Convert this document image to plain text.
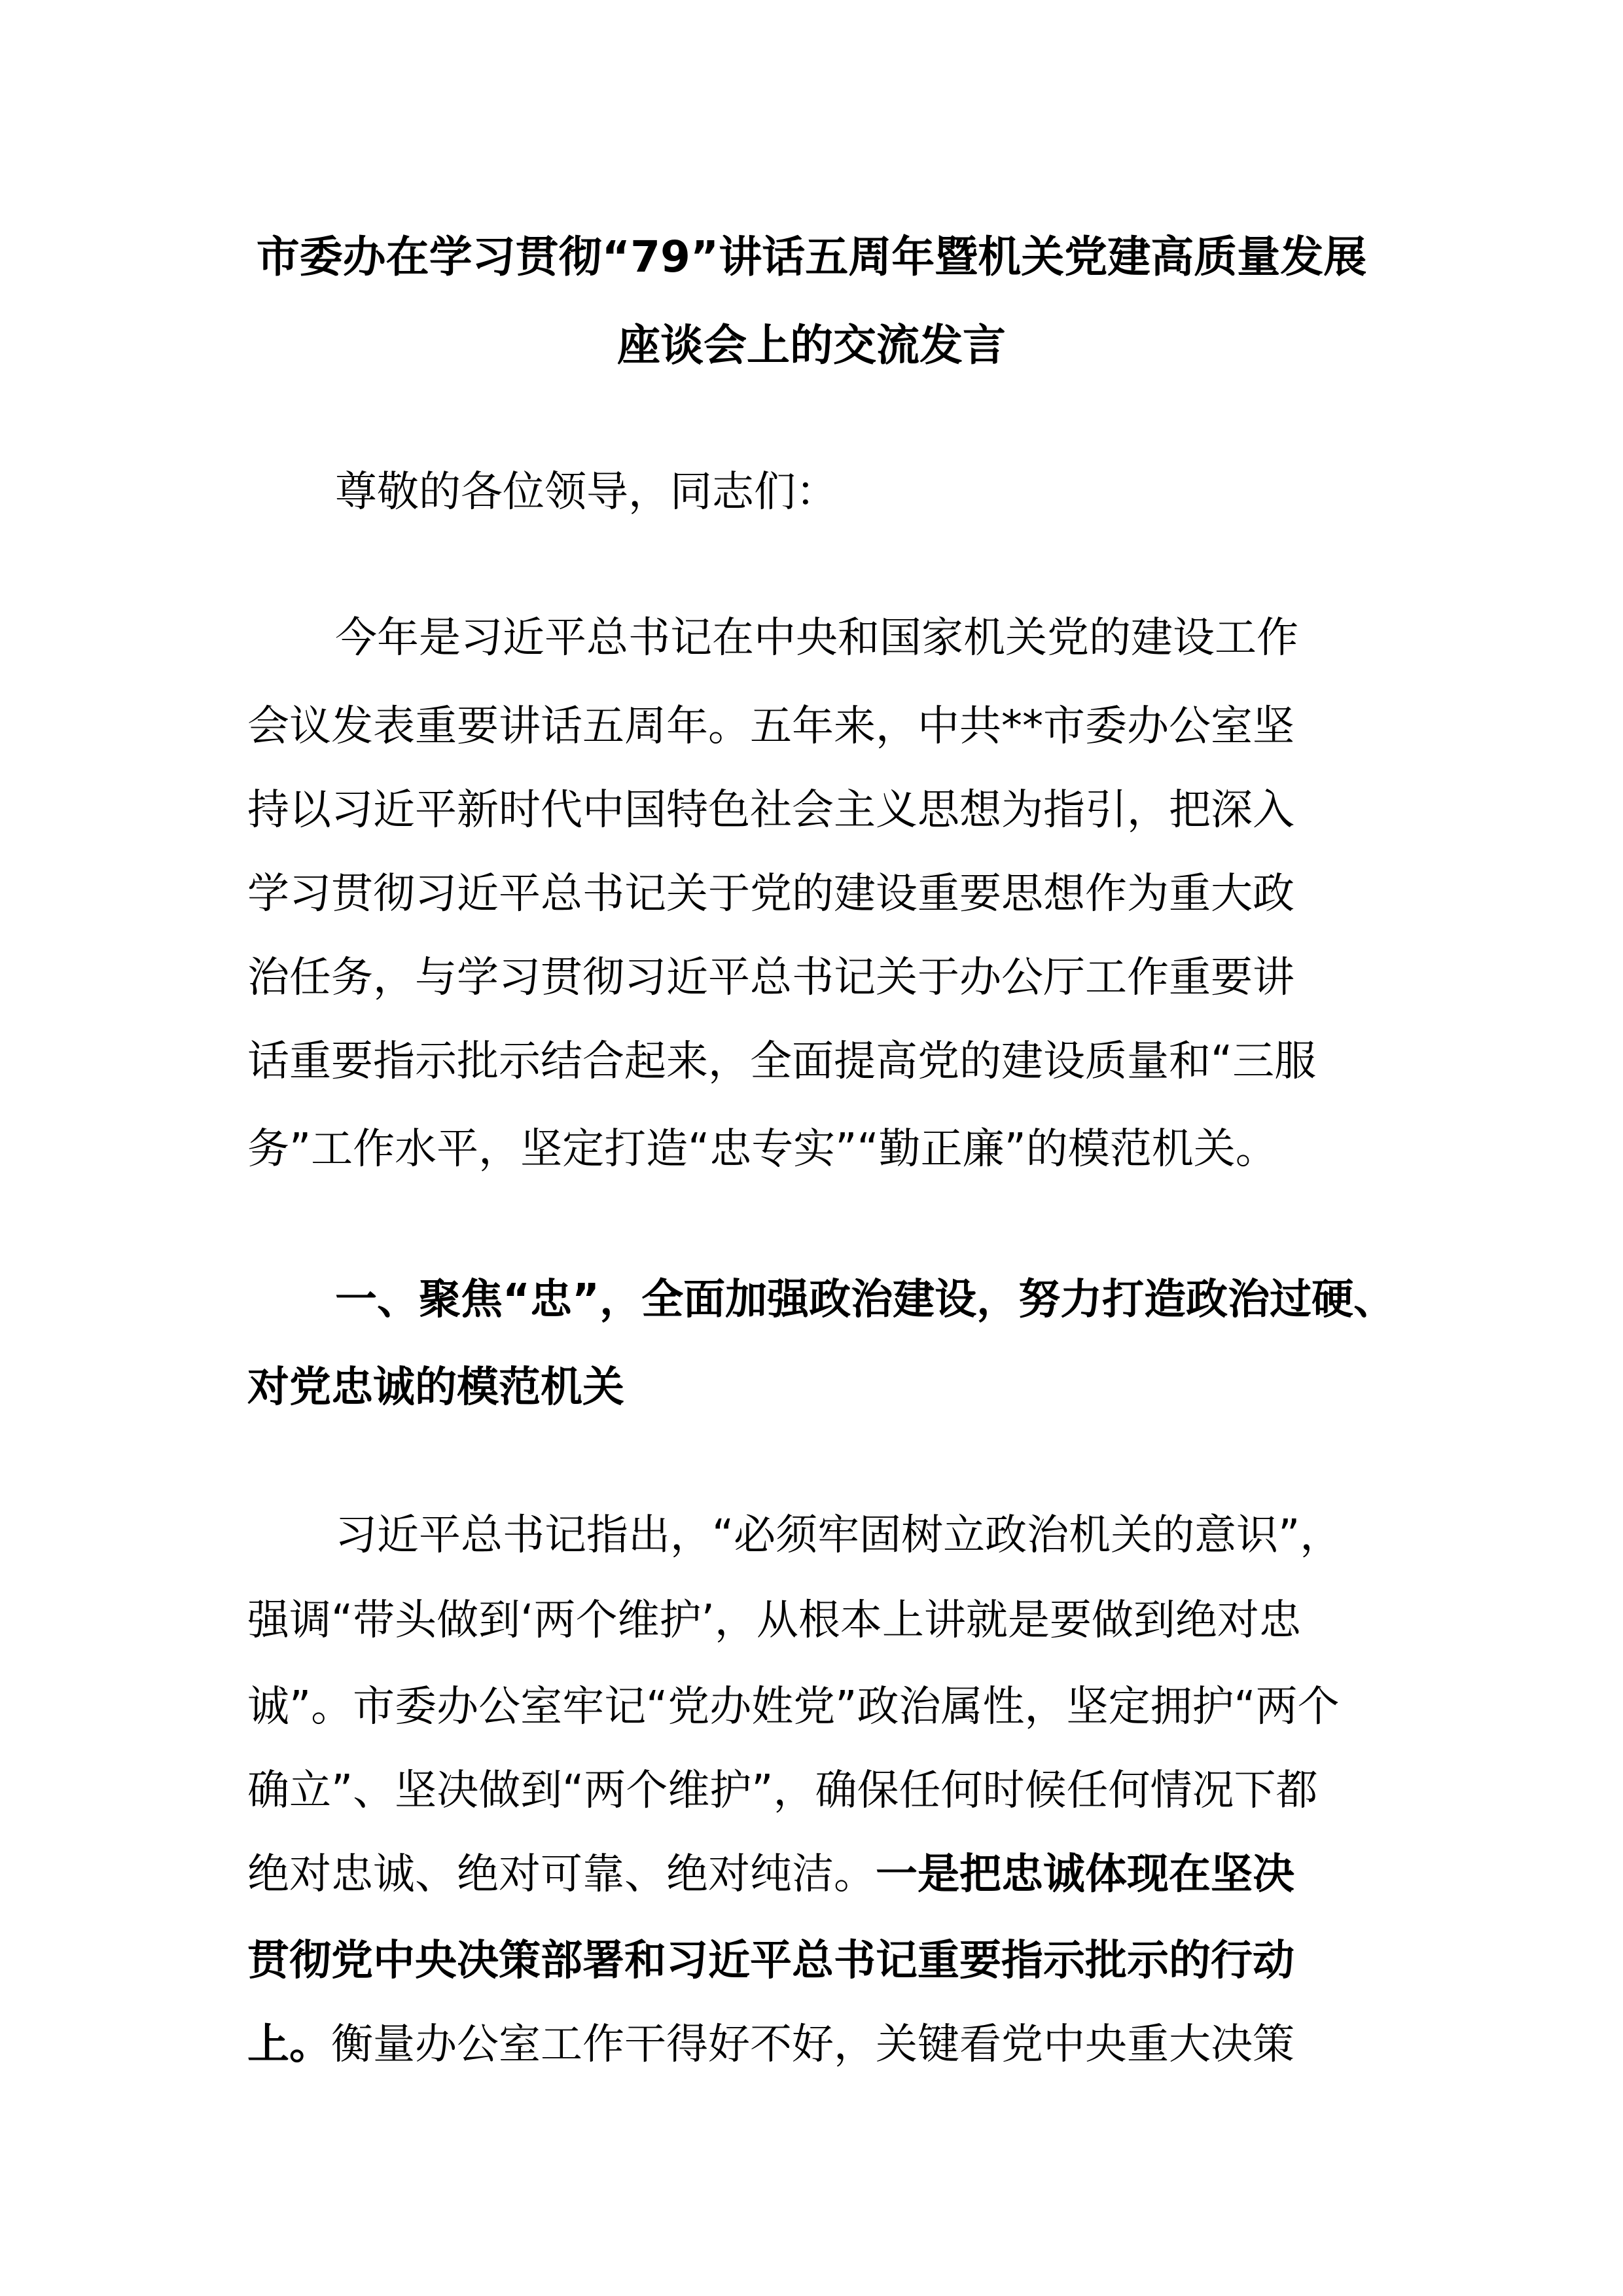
市委办在学习贯彻“79”讲话五周年暨机关党建高质量发展

座谈会上的交流发言

尊敬的各位领导，同志们：

今年是习近平总书记在中央和国家机关党的建设工作

会议发表重要讲话五周年。五年来，中共**市委办公室坚

持以习近平新时代中国特色社会主义思想为指引，把深入

学习贯彻习近平总书记关于党的建设重要思想作为重大政

治任务，与学习贯彻习近平总书记关于办公厅工作重要讲

话重要指示批示结合起来，全面提高党的建设质量和“三服

务”工作水平，坚定打造“忠专实”“勤正廉”的模范机关。

一、聚焦“忠”，全面加强政治建设，努力打造政治过硬、

对党忠诚的模范机关

习近平总书记指出，“必须牢固树立政治机关的意识”，

强调“带头做到‘两个维护’，从根本上讲就是要做到绝对忠

诚”。市委办公室牢记“党办姓党”政治属性，坚定拥护“两个

确立”、坚决做到“两个维护”，确保任何时候任何情况下都

绝对忠诚、绝对可靠、绝对纯洁。一是把忠诚体现在坚决

贯彻党中央决策部署和习近平总书记重要指示批示的行动

上。衡量办公室工作干得好不好，关键看党中央重大决策
